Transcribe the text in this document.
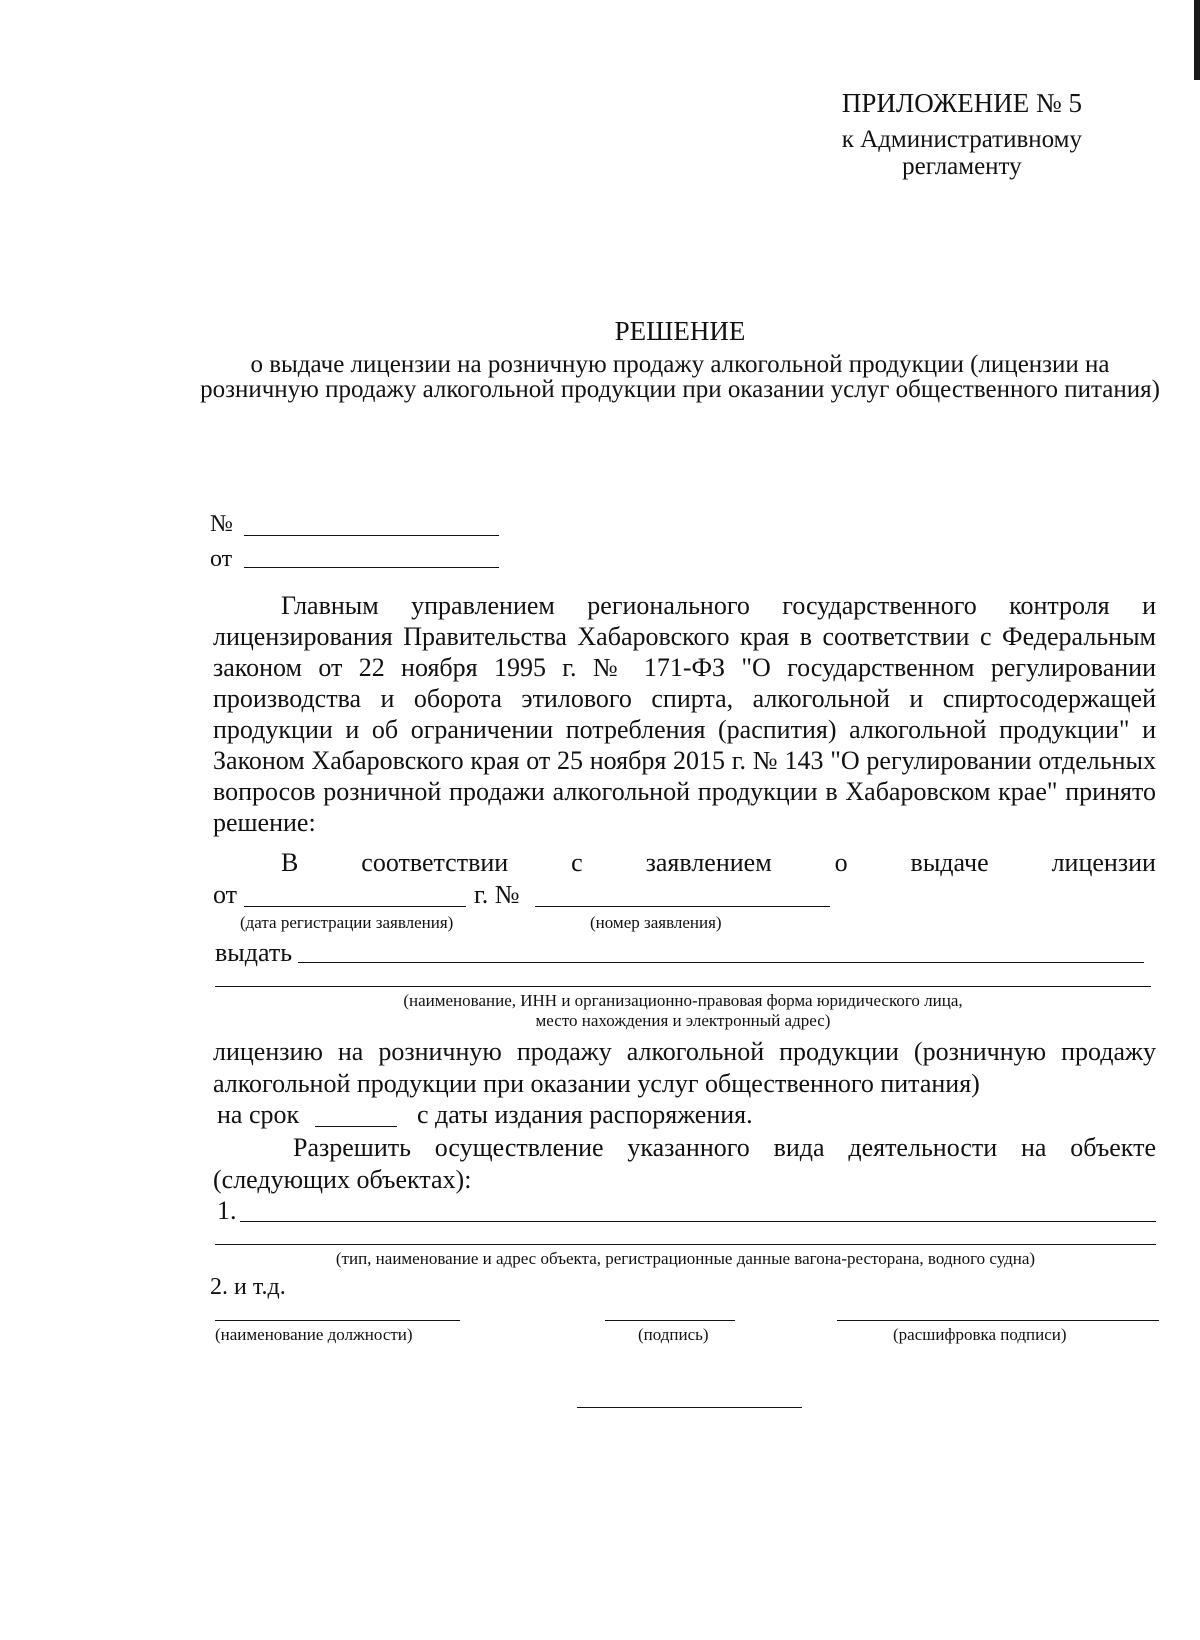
ПРИЛОЖЕНИЕ № 5
к Административному
регламенту
РЕШЕНИЕ
о выдаче лицензии на розничную продажу алкогольной продукции (лицензии на розничную продажу алкогольной продукции при оказании услуг общественного питания)
№
от
Главным управлением регионального государственного контроля и лицензирования Правительства Хабаровского края в соответствии с Федеральным законом от 22 ноября 1995 г. № 171-ФЗ "О государственном регулировании производства и оборота этилового спирта, алкогольной и спиртосодержащей продукции и об ограничении потребления (распития) алкогольной продукции" и Законом Хабаровского края от 25 ноября 2015 г. № 143 "О регулировании отдельных вопросов розничной продажи алкогольной продукции в Хабаровском крае" принято решение:
В соответствии с заявлением о выдаче лицензии
от	г. №
(дата регистрации заявления)	(номер заявления)
выдать
(наименование, ИНН и организационно-правовая форма юридического лица,
место нахождения и электронный адрес)
лицензию на розничную продажу алкогольной продукции (розничную продажу алкогольной продукции при оказании услуг общественного питания)
на срок	с даты издания распоряжения.
Разрешить осуществление указанного вида деятельности на объекте (следующих объектах):
1.
(тип, наименование и адрес объекта, регистрационные данные вагона-ресторана, водного судна)
2. и т.д.
(наименование должности)	(подпись)	(расшифровка подписи)
